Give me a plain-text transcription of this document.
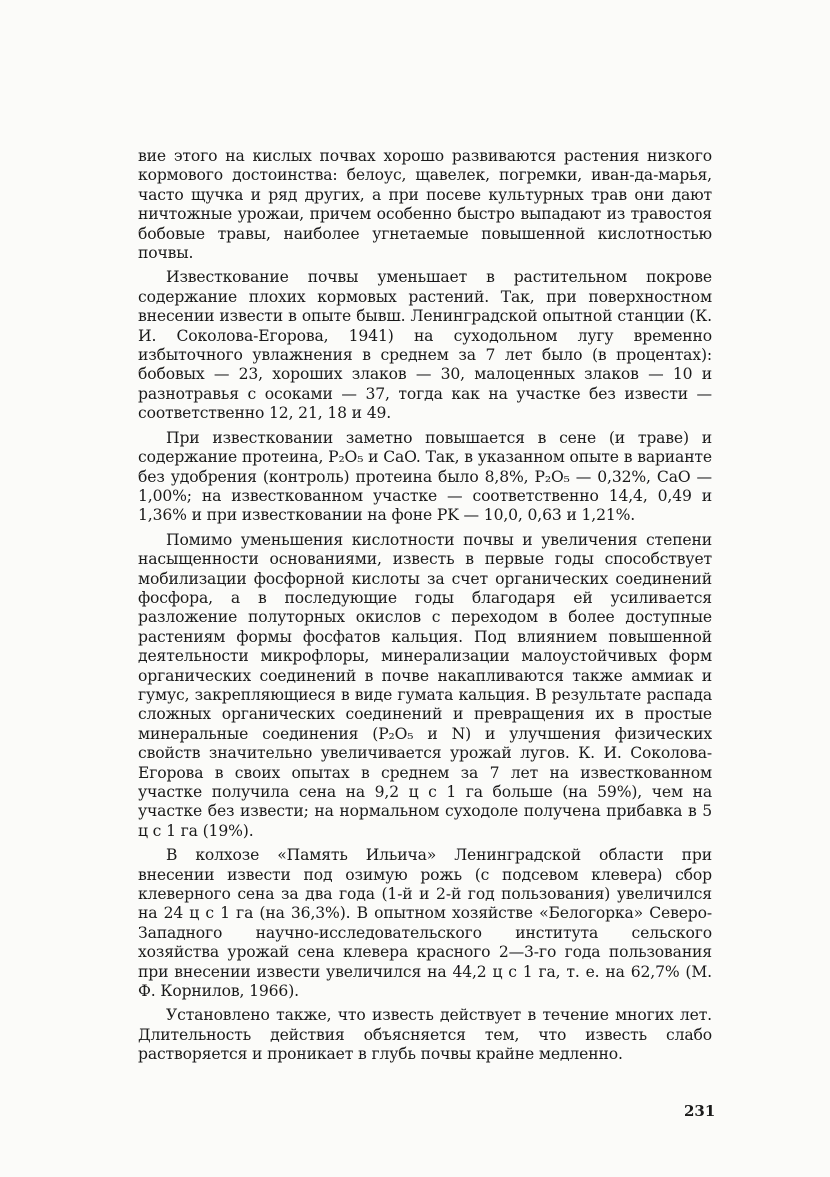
вие этого на кислых почвах хорошо развиваются растения низкого кормового достоинства: белоус, щавелек, погремки, иван-да-марья, часто щучка и ряд других, а при посеве культурных трав они дают ничтожные урожаи, причем особенно быстро выпадают из травостоя бобовые травы, наиболее угнетаемые повышенной кислотностью почвы.

Известкование почвы уменьшает в растительном покрове содержание плохих кормовых растений. Так, при поверхностном внесении извести в опыте бывш. Ленинградской опытной станции (К. И. Соколова-Егорова, 1941) на суходольном лугу временно избыточного увлажнения в среднем за 7 лет было (в процентах): бобовых — 23, хороших злаков — 30, малоценных злаков — 10 и разнотравья с осоками — 37, тогда как на участке без извести — соответственно 12, 21, 18 и 49.

При известковании заметно повышается в сене (и траве) и содержание протеина, P₂O₅ и CaO. Так, в указанном опыте в варианте без удобрения (контроль) протеина было 8,8%, P₂O₅ — 0,32%, CaO — 1,00%; на известкованном участке — соответственно 14,4, 0,49 и 1,36% и при известковании на фоне PK — 10,0, 0,63 и 1,21%.

Помимо уменьшения кислотности почвы и увеличения степени насыщенности основаниями, известь в первые годы способствует мобилизации фосфорной кислоты за счет органических соединений фосфора, а в последующие годы благодаря ей усиливается разложение полуторных окислов с переходом в более доступные растениям формы фосфатов кальция. Под влиянием повышенной деятельности микрофлоры, минерализации малоустойчивых форм органических соединений в почве накапливаются также аммиак и гумус, закрепляющиеся в виде гумата кальция. В результате распада сложных органических соединений и превращения их в простые минеральные соединения (P₂O₅ и N) и улучшения физических свойств значительно увеличивается урожай лугов. К. И. Соколова-Егорова в своих опытах в среднем за 7 лет на известкованном участке получила сена на 9,2 ц с 1 га больше (на 59%), чем на участке без извести; на нормальном суходоле получена прибавка в 5 ц с 1 га (19%).

В колхозе «Память Ильича» Ленинградской области при внесении извести под озимую рожь (с подсевом клевера) сбор клеверного сена за два года (1-й и 2-й год пользования) увеличился на 24 ц с 1 га (на 36,3%). В опытном хозяйстве «Белогорка» Северо-Западного научно-исследовательского института сельского хозяйства урожай сена клевера красного 2—3-го года пользования при внесении извести увеличился на 44,2 ц с 1 га, т. е. на 62,7% (М. Ф. Корнилов, 1966).

Установлено также, что известь действует в течение многих лет. Длительность действия объясняется тем, что известь слабо растворяется и проникает в глубь почвы крайне медленно.

231
